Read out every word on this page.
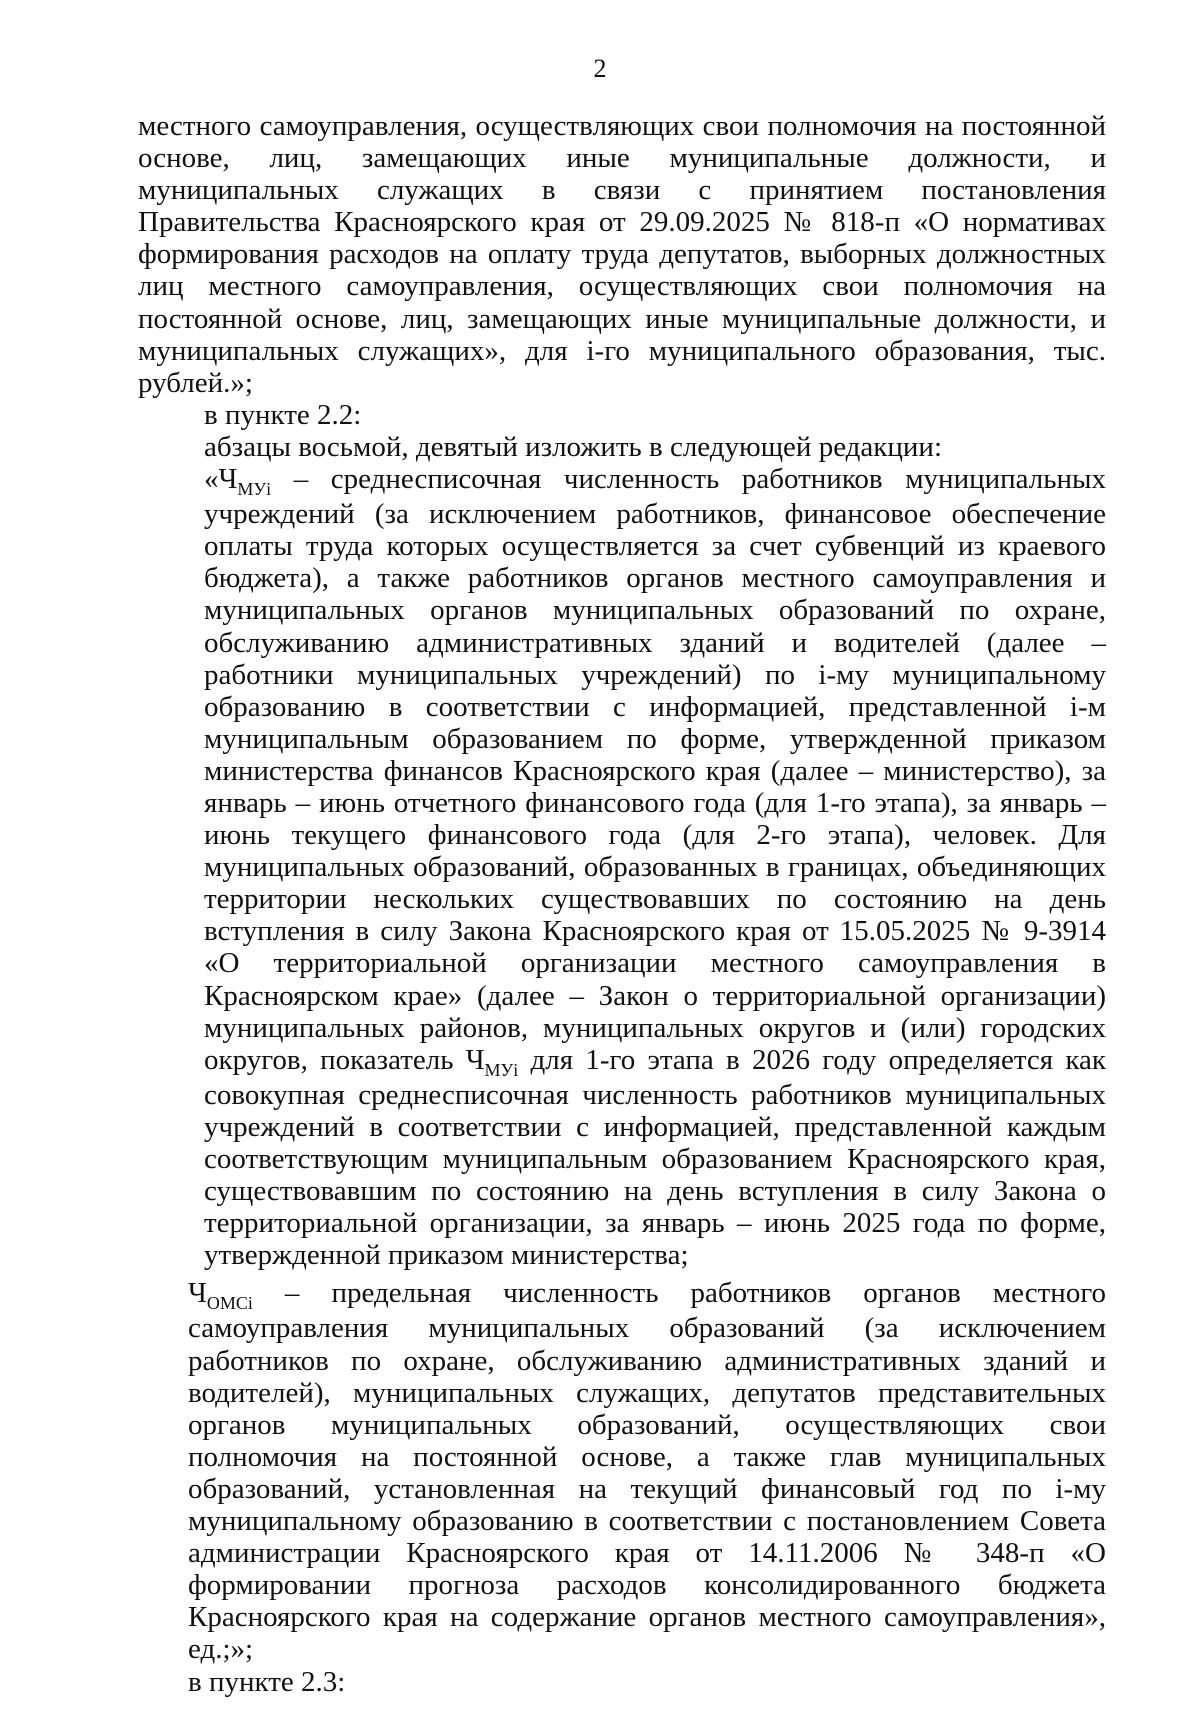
2

местного самоуправления, осуществляющих свои полномочия на постоянной основе, лиц, замещающих иные муниципальные должности, и муниципальных служащих в связи с принятием постановления Правительства Красноярского края от 29.09.2025 № 818-п «О нормативах формирования расходов на оплату труда депутатов, выборных должностных лиц местного самоуправления, осуществляющих свои полномочия на постоянной основе, лиц, замещающих иные муниципальные должности, и муниципальных служащих», для i-го муниципального образования, тыс. рублей.»;

в пункте 2.2:

абзацы восьмой, девятый изложить в следующей редакции:

«$Ч_{МУi}$ – среднесписочная численность работников муниципальных учреждений (за исключением работников, финансовое обеспечение оплаты труда которых осуществляется за счет субвенций из краевого бюджета), а также работников органов местного самоуправления и муниципальных органов муниципальных образований по охране, обслуживанию административных зданий и водителей (далее – работники муниципальных учреждений) по i-му муниципальному образованию в соответствии с информацией, представленной i-м муниципальным образованием по форме, утвержденной приказом министерства финансов Красноярского края (далее – министерство), за январь – июнь отчетного финансового года (для 1-го этапа), за январь – июнь текущего финансового года (для 2-го этапа), человек. Для муниципальных образований, образованных в границах, объединяющих территории нескольких существовавших по состоянию на день вступления в силу Закона Красноярского края от 15.05.2025 № 9-3914 «О территориальной организации местного самоуправления в Красноярском крае» (далее – Закон о территориальной организации) муниципальных районов, муниципальных округов и (или) городских округов, показатель $Ч_{МУi}$ для 1-го этапа в 2026 году определяется как совокупная среднесписочная численность работников муниципальных учреждений в соответствии с информацией, представленной каждым соответствующим муниципальным образованием Красноярского края, существовавшим по состоянию на день вступления в силу Закона о территориальной организации, за январь – июнь 2025 года по форме, утвержденной приказом министерства;

$Ч_{ОМСi}$ – предельная численность работников органов местного самоуправления муниципальных образований (за исключением работников по охране, обслуживанию административных зданий и водителей), муниципальных служащих, депутатов представительных органов муниципальных образований, осуществляющих свои полномочия на постоянной основе, а также глав муниципальных образований, установленная на текущий финансовый год по i-му муниципальному образованию в соответствии с постановлением Совета администрации Красноярского края от 14.11.2006 № 348-п «О формировании прогноза расходов консолидированного бюджета Красноярского края на содержание органов местного самоуправления», ед.;»;

в пункте 2.3:
